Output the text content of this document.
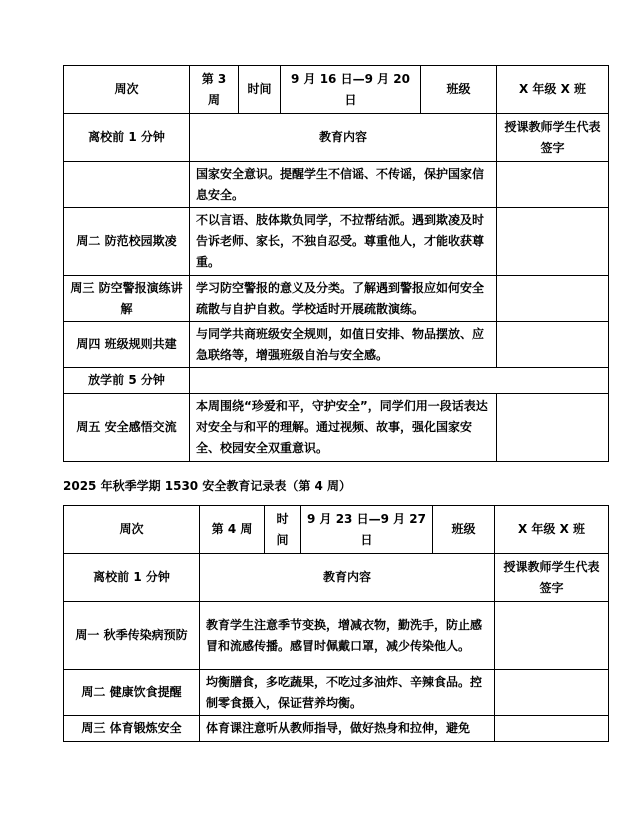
周次	第 3 周	时间	9 月 16 日—9 月 20 日	班级	X 年级 X 班
离校前 1 分钟	教育内容				授课教师学生代表签字
	国家安全意识。提醒学生不信谣、不传谣，保护国家信息安全。				
周二 防范校园欺凌	不以言语、肢体欺负同学，不拉帮结派。遇到欺凌及时告诉老师、家长，不独自忍受。尊重他人，才能收获尊重。				
周三 防空警报演练讲解	学习防空警报的意义及分类。了解遇到警报应如何安全疏散与自护自救。学校适时开展疏散演练。				
周四 班级规则共建	与同学共商班级安全规则，如值日安排、物品摆放、应急联络等，增强班级自治与安全感。				
放学前 5 分钟					
周五 安全感悟交流	本周围绕“珍爱和平，守护安全”，同学们用一段话表达对安全与和平的理解。通过视频、故事，强化国家安全、校园安全双重意识。				
2025 年秋季学期 1530 安全教育记录表（第 4 周）
周次	第 4 周	时间	9 月 23 日—9 月 27 日	班级	X 年级 X 班
离校前 1 分钟	教育内容				授课教师学生代表签字
周一 秋季传染病预防	教育学生注意季节变换，增减衣物，勤洗手，防止感冒和流感传播。感冒时佩戴口罩，减少传染他人。				
周二 健康饮食提醒	均衡膳食，多吃蔬果，不吃过多油炸、辛辣食品。控制零食摄入，保证营养均衡。				
周三 体育锻炼安全	体育课注意听从教师指导，做好热身和拉伸，避免				
